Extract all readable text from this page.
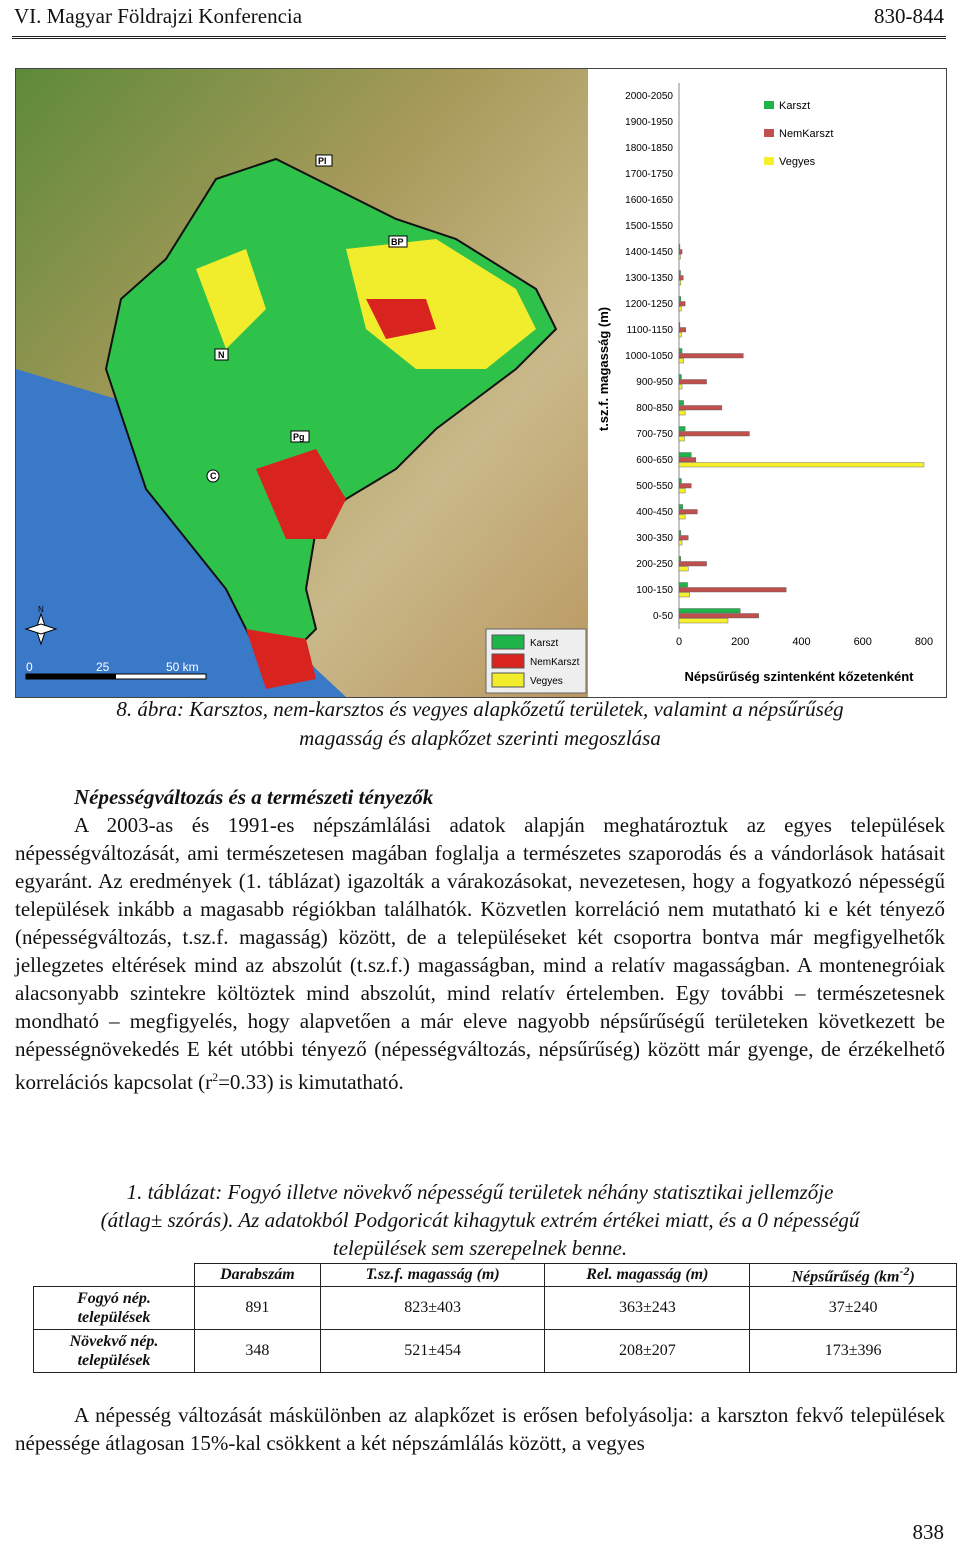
VI. Magyar Földrajzi Konferencia	830-844
Pl
BP
N
C
Pg
N
0	25	50 km
Karszt
NemKarszt
Vegyes
t.sz.f. magasság (m)
Népsűrűség szintenként kőzetenként
Karszt
NemKarszt
Vegyes
2000-2050
1900-1950
1800-1850
1700-1750
1600-1650
1500-1550
1400-1450
1300-1350
1200-1250
1100-1150
1000-1050
900-950
800-850
700-750
600-650
500-550
400-450
300-350
200-250
100-150
0-50
0	200	400	600	800
8. ábra: Karsztos, nem-karsztos és vegyes alapkőzetű területek, valamint a népsűrűség
magasság és alapkőzet szerinti megoszlása
Népességváltozás és a természeti tényezők

A 2003-as és 1991-es népszámlálási adatok alapján meghatároztuk az egyes települések népességváltozását, ami természetesen magában foglalja a természetes szaporodás és a vándorlások hatásait egyaránt. Az eredmények (1. táblázat) igazolták a várakozásokat, nevezetesen, hogy a fogyatkozó népességű települések inkább a magasabb régiókban találhatók. Közvetlen korreláció nem mutatható ki e két tényező (népességváltozás, t.sz.f. magasság) között, de a településeket két csoportra bontva már megfigyelhetők jellegzetes eltérések mind az abszolút (t.sz.f.) magasságban, mind a relatív magasságban. A montenegróiak alacsonyabb szintekre költöztek mind abszolút, mind relatív értelemben. Egy további – természetesnek mondható – megfigyelés, hogy alapvetően a már eleve nagyobb népsűrűségű területeken következett be népességnövekedés E két utóbbi tényező (népességváltozás, népsűrűség) között már gyenge, de érzékelhető korrelációs kapcsolat $(r^2=0.33)$ is kimutatható.

1. táblázat: Fogyó illetve növekvő népességű területek néhány statisztikai jellemzője
(átlag± szórás). Az adatokból Podgoricát kihagytuk extrém értékei miatt, és a 0 népességű
települések sem szerepelnek benne.
	Darabszám	T.sz.f. magasság (m)	Rel. magasság (m)	Népsűrűség $(km^{-2})$
Fogyó nép.
települések	891	823±403	363±243	37±240
Növekvő nép.
települések	348	521±454	208±207	173±396

A népesség változását máskülönben az alapkőzet is erősen befolyásolja: a karszton fekvő települések népessége átlagosan 15%-kal csökkent a két népszámlálás között, a vegyes

838
